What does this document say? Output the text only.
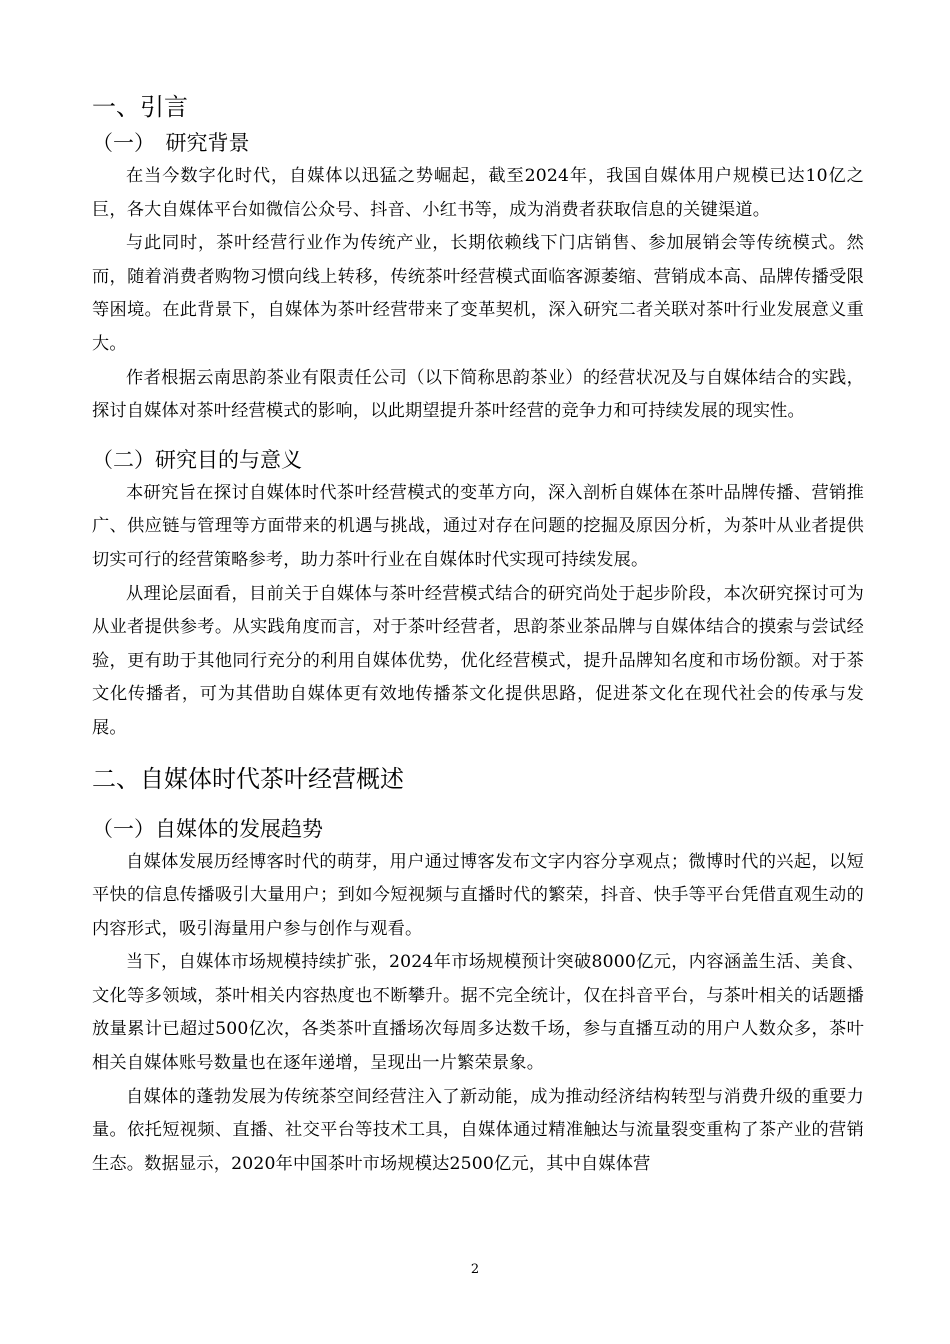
一、引言
（一）　研究背景

在当今数字化时代，自媒体以迅猛之势崛起，截至2024年，我国自媒体用户规模已达10亿之巨，各大自媒体平台如微信公众号、抖音、小红书等，成为消费者获取信息的关键渠道。

与此同时，茶叶经营行业作为传统产业，长期依赖线下门店销售、参加展销会等传统模式。然而，随着消费者购物习惯向线上转移，传统茶叶经营模式面临客源萎缩、营销成本高、品牌传播受限等困境。在此背景下，自媒体为茶叶经营带来了变革契机，深入研究二者关联对茶叶行业发展意义重大。

作者根据云南思韵茶业有限责任公司（以下简称思韵茶业）的经营状况及与自媒体结合的实践，探讨自媒体对茶叶经营模式的影响，以此期望提升茶叶经营的竞争力和可持续发展的现实性。

（二）研究目的与意义

本研究旨在探讨自媒体时代茶叶经营模式的变革方向，深入剖析自媒体在茶叶品牌传播、营销推广、供应链与管理等方面带来的机遇与挑战，通过对存在问题的挖掘及原因分析，为茶叶从业者提供切实可行的经营策略参考，助力茶叶行业在自媒体时代实现可持续发展。

从理论层面看，目前关于自媒体与茶叶经营模式结合的研究尚处于起步阶段，本次研究探讨可为从业者提供参考。从实践角度而言，对于茶叶经营者，思韵茶业茶品牌与自媒体结合的摸索与尝试经验，更有助于其他同行充分的利用自媒体优势，优化经营模式，提升品牌知名度和市场份额。对于茶文化传播者，可为其借助自媒体更有效地传播茶文化提供思路，促进茶文化在现代社会的传承与发展。

二、自媒体时代茶叶经营概述
（一）自媒体的发展趋势

自媒体发展历经博客时代的萌芽，用户通过博客发布文字内容分享观点；微博时代的兴起，以短平快的信息传播吸引大量用户；到如今短视频与直播时代的繁荣，抖音、快手等平台凭借直观生动的内容形式，吸引海量用户参与创作与观看。

当下，自媒体市场规模持续扩张，2024年市场规模预计突破8000亿元，内容涵盖生活、美食、文化等多领域，茶叶相关内容热度也不断攀升。据不完全统计，仅在抖音平台，与茶叶相关的话题播放量累计已超过500亿次，各类茶叶直播场次每周多达数千场，参与直播互动的用户人数众多，茶叶相关自媒体账号数量也在逐年递增，呈现出一片繁荣景象。

自媒体的蓬勃发展为传统茶空间经营注入了新动能，成为推动经济结构转型与消费升级的重要力量。依托短视频、直播、社交平台等技术工具，自媒体通过精准触达与流量裂变重构了茶产业的营销生态。数据显示，2020年中国茶叶市场规模达2500亿元，其中自媒体营

2
